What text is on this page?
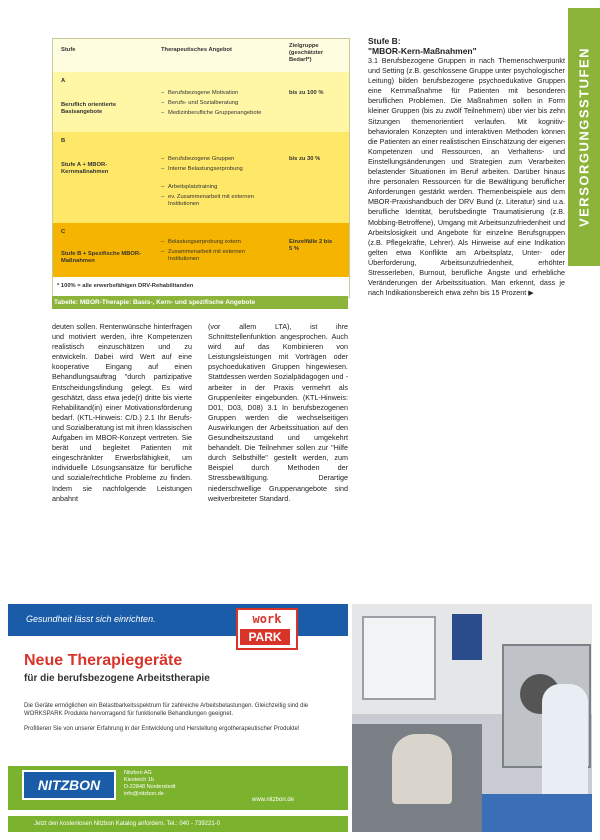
VERSORGUNGSSTUFEN
Stufe	Therapeutisches Angebot
Zielgruppe (geschätzter Bedarf*)
A
Beruflich orientierte Basisangebote
– Berufsbezogene Motivation
– Berufs- und Sozialberatung
– Medizinberufliche Gruppenangebote
bis zu 100 %
B
Stufe A + MBOR-Kernmaßnahmen
– Berufsbezogene Gruppen
– Interne Belastungserprobung
– Arbeitsplatztraining
– ev. Zusammenarbeit mit externen Institutionen
bis zu 30 %
C
Stufe B + Spezifische MBOR-Maßnahmen
– Belastungserprobung extern
– Zusammenarbeit mit externen Institutionen
Einzelfälle 2 bis 5 %
* 100% = alle erwerbsfähigen DRV-Rehabilitanden
Tabelle: MBOR-Therapie: Basis-, Kern- und spezifische Angebote

deuten sollen. Rentenwünsche hinterfragen und motiviert werden, ihre Kompetenzen realistisch einzuschätzen und zu entwickeln. Dabei wird Wert auf eine kooperative Eingang auf einen Behandlungsauftrag "durch partizipative Entscheidungsfindung gelegt. Es wird geschätzt, dass etwa jede(r) dritte bis vierte Rehabilitand(in) einer Motivationsförderung bedarf. (KTL-Hinweis: C/D.) 2.1 Ihr Berufs- und Sozialberatung ist mit ihren klassischen Aufgaben im MBOR-Konzept vertreten. Sie berät und begleitet Patienten mit eingeschränkter Erwerbsfähigkeit, um individuelle Lösungsansätze für berufliche und soziale/rechtliche Probleme zu finden. Indem sie nachfolgende Leistungen anbahnt

(vor allem LTA), ist ihre Schnittstellenfunktion angesprochen. Auch wird auf das Kombinieren von Leistungsleistungen mit Vorträgen oder psychoedukativen Gruppen hingewiesen. Stattdessen werden Sozialpädagogen und -arbeiter in der Praxis vermehrt als Gruppenleiter eingebunden. (KTL-Hinweis: D01, D03, D08) 3.1 In berufsbezogenen Gruppen werden die wechselseitigen Auswirkungen der Arbeitssituation auf den Gesundheitszustand und umgekehrt behandelt. Die Teilnehmer sollen zur "Hilfe durch Selbsthilfe" gestellt werden, zum Beispiel durch Methoden der Stressbewältigung. Derartige niederschwellige Gruppenangebote sind weitverbreiteter Standard.

Stufe B:
"MBOR-Kern-Maßnahmen"

3.1 Berufsbezogene Gruppen in nach Themenschwerpunkt und Setting (z.B. geschlossene Gruppe unter psychologischer Leitung) bilden berufsbezogene psychoedukative Gruppen eine Kernmaßnahme für Patienten mit besonderen beruflichen Problemen. Die Maßnahmen sollen in Form kleiner Gruppen (bis zu zwölf Teilnehmern) über vier bis zehn Sitzungen themenorientiert verlaufen. Mit kognitiv-behavioralen Konzepten und interaktiven Methoden können die Patienten an einer realistischen Einschätzung der eigenen Kompetenzen und Ressourcen, an Verhaltens- und Einstellungsänderungen und Strategien zum Verarbeiten belastender Situationen im Beruf arbeiten. Darüber hinaus ihre personalen Ressourcen für die Bewältigung beruflicher Anforderungen gestärkt werden. Themenbeispiele aus dem MBOR-Praxishandbuch der DRV Bund (z. Literatur) sind u.a. berufliche Identität, berufsbedingte Traumatisierung (z.B. Mobbing-Betroffene), Umgang mit Arbeitsunzufriedenheit und Arbeitslosigkeit und Angebote für einzelne Berufsgruppen (z.B. Pflegekräfte, Lehrer). Als Hinweise auf eine Indikation gelten etwa Konflikte am Arbeitsplatz, Unter- oder Überforderung, Arbeitsunzufriedenheit, erhöhter Stresserleben, Burnout, berufliche Ängste und erhebliche Veränderungen der Arbeitssituation. Man erkennt, dass je nach Indikationsbereich etwa zehn bis 15 Prozent ▶

Gesundheit lässt sich einrichten.	work
PARK
Neue Therapiegeräte
für die berufsbezogene Arbeitstherapie
Die Geräte ermöglichen ein Belastbarkeitsspektrum für zahlreiche Arbeitsbelastungen. Gleichzeitig sind die WORKSPARK Produkte hervorragend für funktionelle Behandlungen geeignet.
Profitieren Sie von unserer Erfahrung in der Entwicklung und Herstellung ergotherapeutischer Produkte!
NITZBON
Nitzbon AG
Kiesteich 1b
D-22848 Norderstedt
info@nitzbon.de
www.nitzbon.de
Jetzt den kostenlosen Nitzbon Katalog anfordern. Tel.: 040 - 739221-0
